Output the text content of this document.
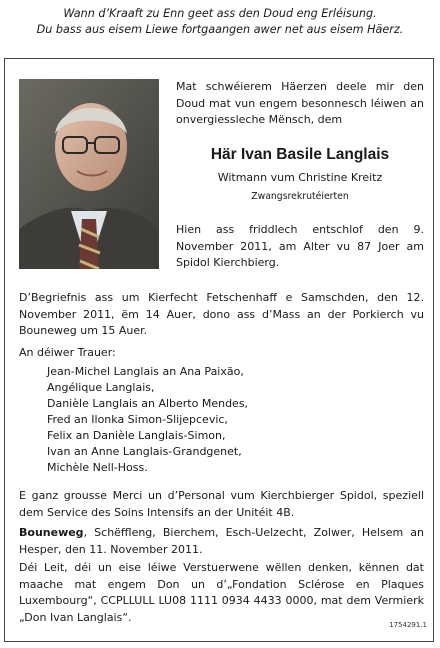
Wann d’Kraaft zu Enn geet ass den Doud eng Erléisung.
Du bass aus eisem Liewe fortgaangen awer net aus eisem Häerz.
Mat schwéierem Häerzen deele mir den Doud mat vun engem besonnesch léiwen an onvergiessleche Mënsch, dem
Här Ivan Basile Langlais
Witmann vum Christine Kreitz
Zwangsrekrutéierten
Hien ass friddlech entschlof den 9. November 2011, am Alter vu 87 Joer am Spidol Kierchbierg.
D’Begriefnis ass um Kierfecht Fetschenhaff e Samschden, den 12. November 2011, ëm 14 Auer, dono ass d’Mass an der Porkierch vu Bouneweg um 15 Auer.
An déiwer Trauer:
Jean-Michel Langlais an Ana Paixão,
Angélique Langlais,
Danièle Langlais an Alberto Mendes,
Fred an Ilonka Simon-Slijepcevic,
Felix an Danièle Langlais-Simon,
Ivan an Anne Langlais-Grandgenet,
Michèle Nell-Hoss.
E ganz grousse Merci un d’Personal vum Kierchbierger Spidol, speziell dem Service des Soins Intensifs an der Unitéit 4B.
Bouneweg, Schëffleng, Bierchem, Esch-Uelzecht, Zolwer, Helsem an Hesper, den 11. November 2011.
Déi Leit, déi un eise léiwe Verstuerwene wëllen denken, kënnen dat maache mat engem Don un d’„Fondation Sclérose en Plaques Luxembourg“, CCPLLULL LU08 1111 0934 4433 0000, mat dem Vermierk „Don Ivan Langlais“.
1754291.1
